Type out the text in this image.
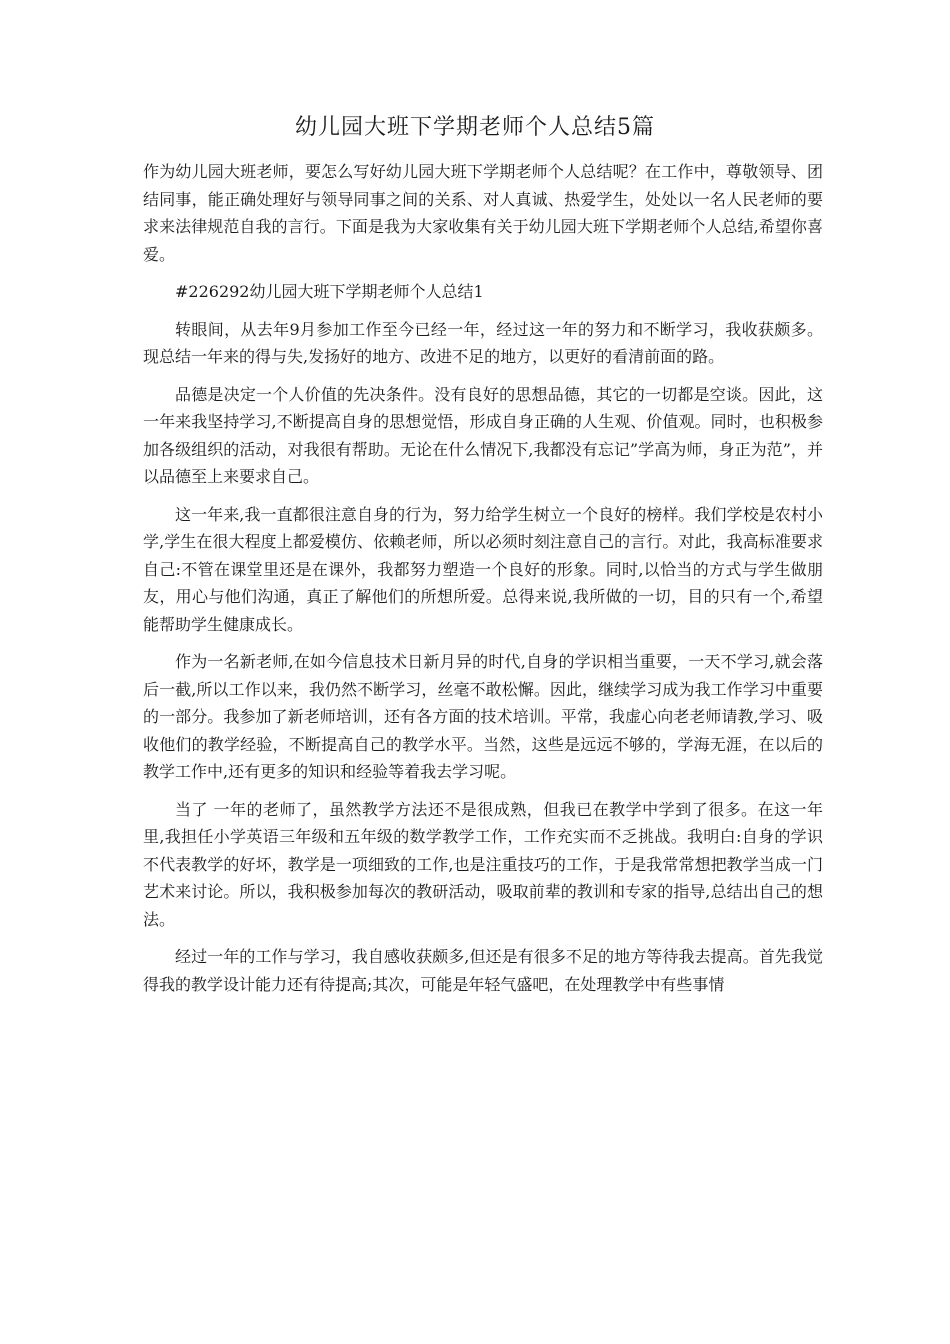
幼儿园大班下学期老师个人总结5篇

作为幼儿园大班老师，要怎么写好幼儿园大班下学期老师个人总结呢？在工作中，尊敬领导、团结同事，能正确处理好与领导同事之间的关系、对人真诚、热爱学生，处处以一名人民老师的要求来法律规范自我的言行。下面是我为大家收集有关于幼儿园大班下学期老师个人总结,希望你喜爱。

#226292幼儿园大班下学期老师个人总结1

转眼间，从去年9月参加工作至今已经一年，经过这一年的努力和不断学习，我收获颇多。现总结一年来的得与失,发扬好的地方、改进不足的地方，以更好的看清前面的路。

品德是决定一个人价值的先决条件。没有良好的思想品德，其它的一切都是空谈。因此，这一年来我坚持学习,不断提高自身的思想觉悟，形成自身正确的人生观、价值观。同时，也积极参加各级组织的活动，对我很有帮助。无论在什么情况下,我都没有忘记”学高为师，身正为范”，并以品德至上来要求自己。

这一年来,我一直都很注意自身的行为，努力给学生树立一个良好的榜样。我们学校是农村小学,学生在很大程度上都爱模仿、依赖老师，所以必须时刻注意自己的言行。对此，我高标准要求自己:不管在课堂里还是在课外，我都努力塑造一个良好的形象。同时,以恰当的方式与学生做朋友，用心与他们沟通，真正了解他们的所想所爱。总得来说,我所做的一切，目的只有一个,希望能帮助学生健康成长。

作为一名新老师,在如今信息技术日新月异的时代,自身的学识相当重要，一天不学习,就会落后一截,所以工作以来，我仍然不断学习，丝毫不敢松懈。因此，继续学习成为我工作学习中重要的一部分。我参加了新老师培训，还有各方面的技术培训。平常，我虚心向老老师请教,学习、吸收他们的教学经验，不断提高自己的教学水平。当然，这些是远远不够的，学海无涯，在以后的教学工作中,还有更多的知识和经验等着我去学习呢。

当了 一年的老师了，虽然教学方法还不是很成熟，但我已在教学中学到了很多。在这一年里,我担任小学英语三年级和五年级的数学教学工作，工作充实而不乏挑战。我明白:自身的学识不代表教学的好坏，教学是一项细致的工作,也是注重技巧的工作，于是我常常想把教学当成一门艺术来讨论。所以，我积极参加每次的教研活动，吸取前辈的教训和专家的指导,总结出自己的想法。

经过一年的工作与学习，我自感收获颇多,但还是有很多不足的地方等待我去提高。首先我觉得我的教学设计能力还有待提高;其次，可能是年轻气盛吧，在处理教学中有些事情
